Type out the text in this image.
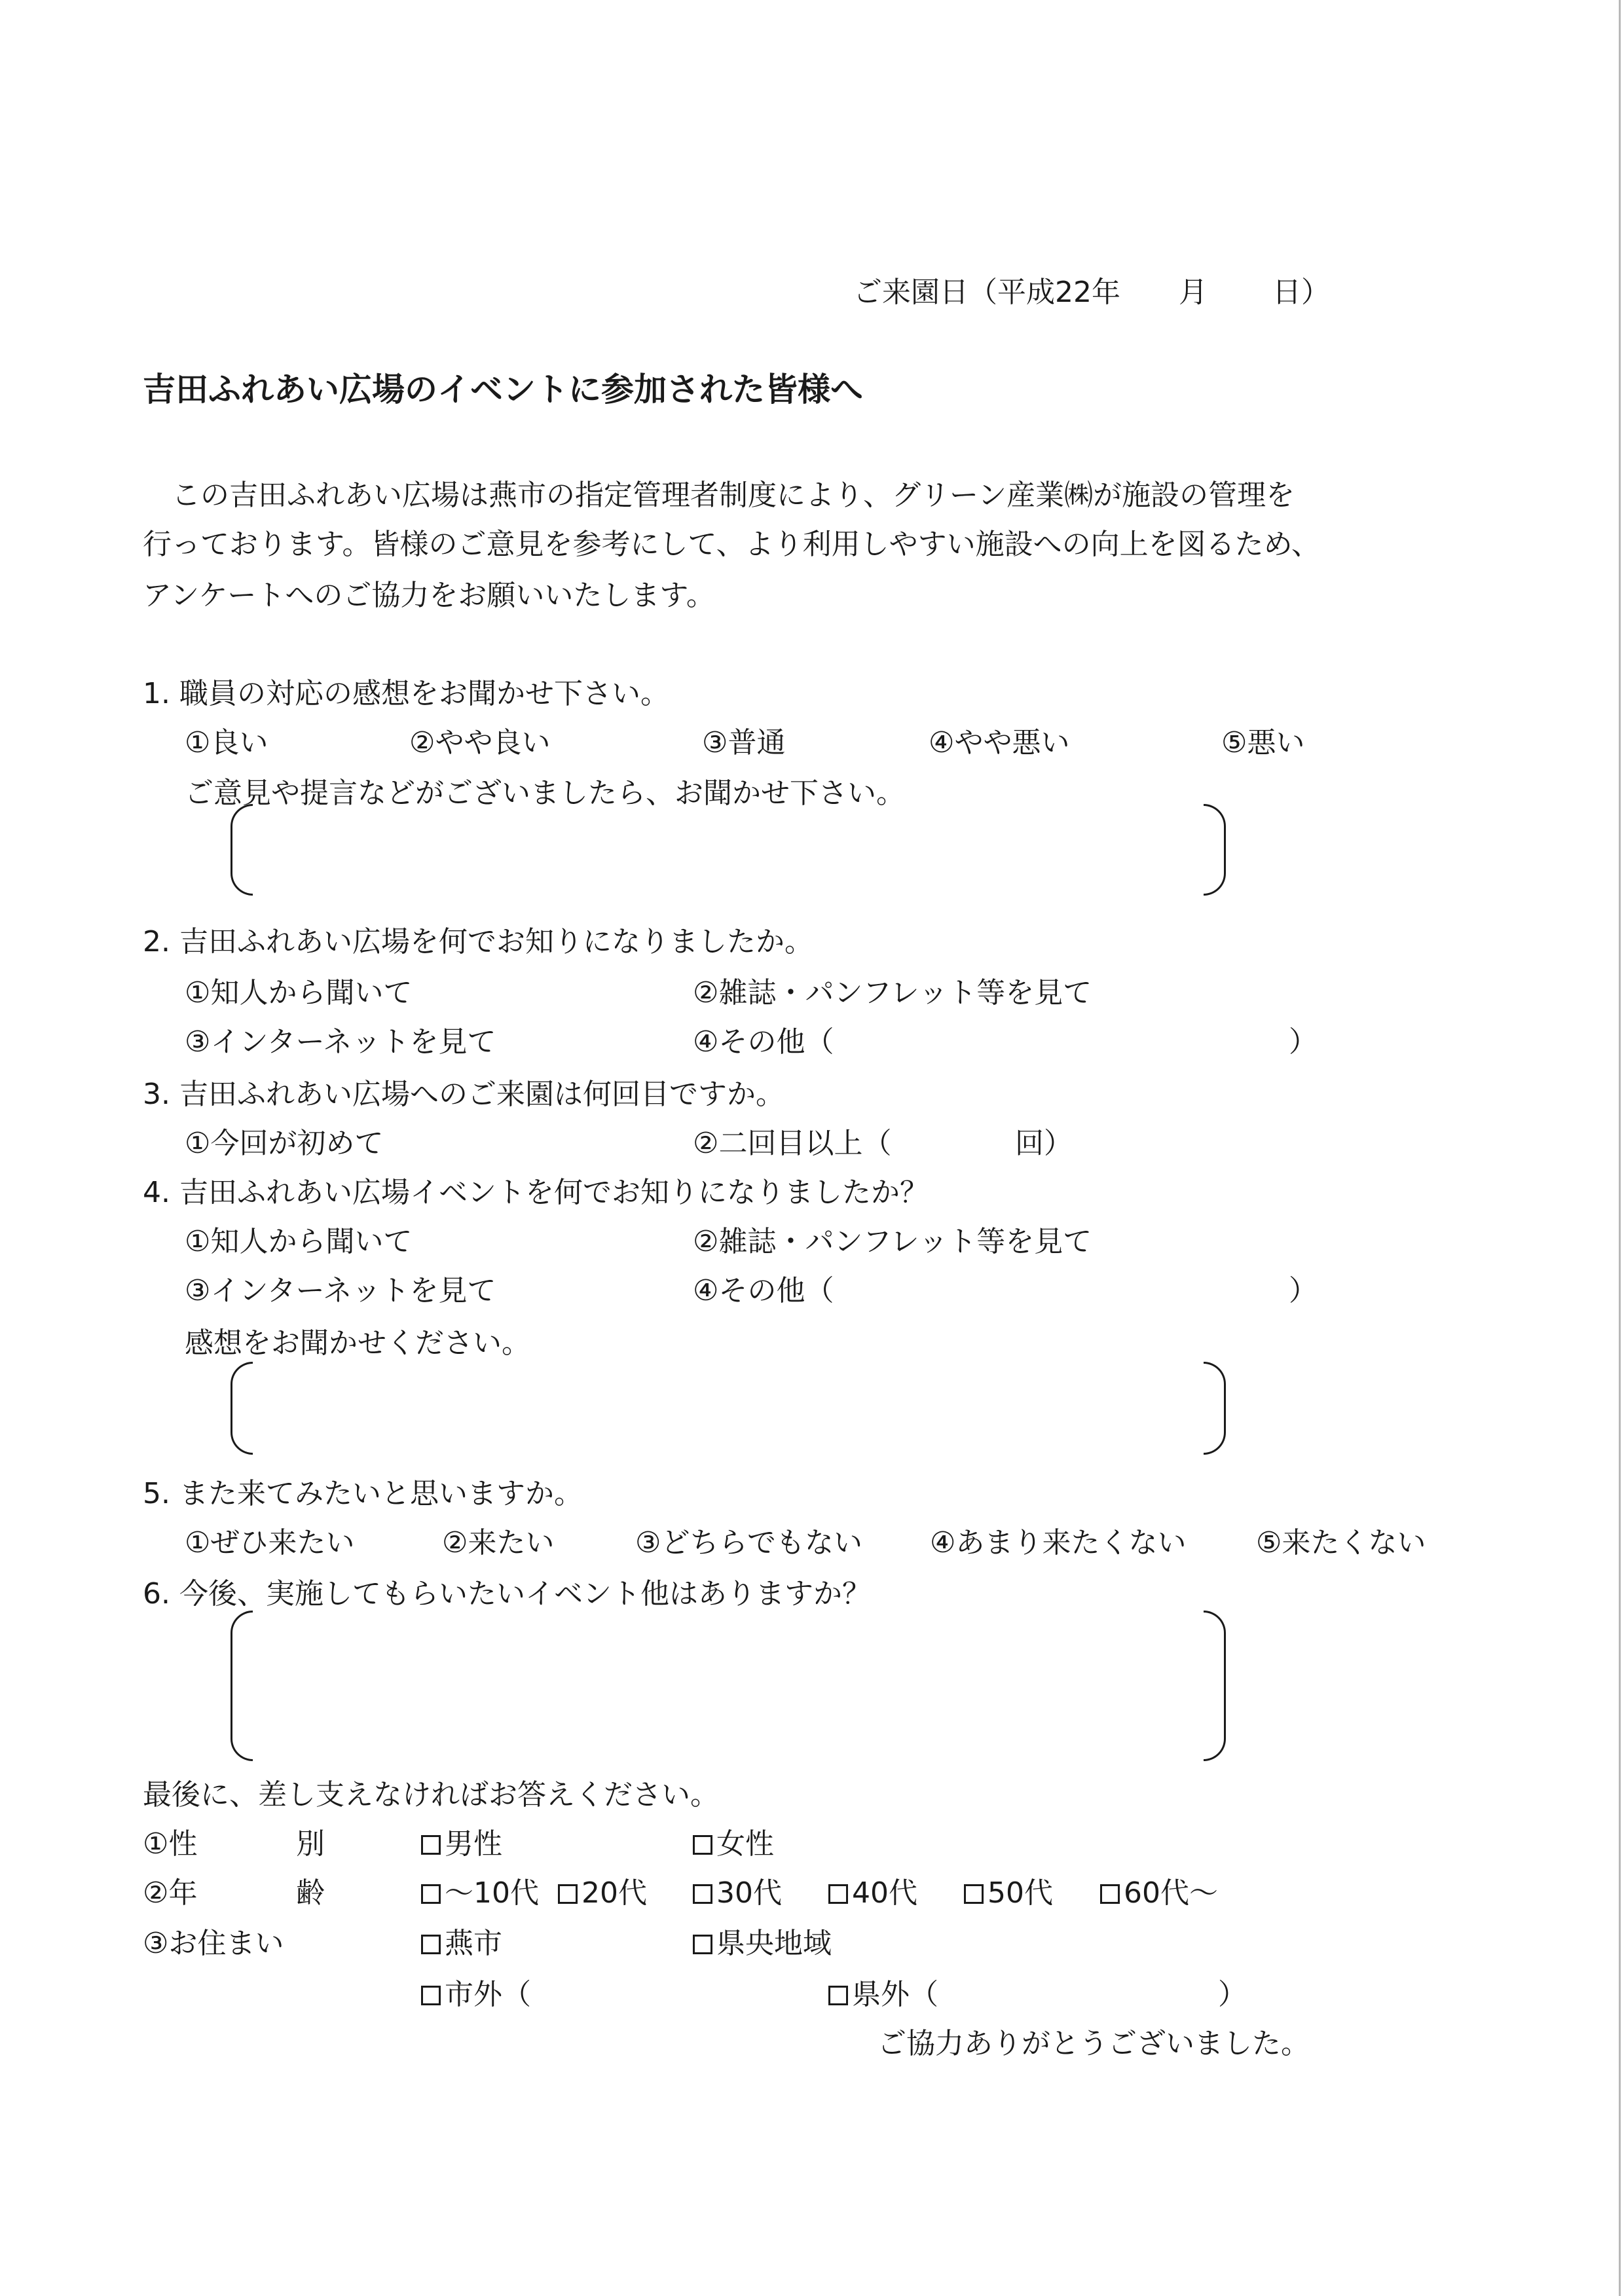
ご来園日（平成22年 月 日）
吉田ふれあい広場のイベントに参加された皆様へ
この吉田ふれあい広場は燕市の指定管理者制度により、グリーン産業㈱が施設の管理を
行っております。皆様のご意見を参考にして、より利用しやすい施設への向上を図るため、
アンケートへのご協力をお願いいたします。
1. 職員の対応の感想をお聞かせ下さい。
①良い	②やや良い	③普通	④やや悪い	⑤悪い
ご意見や提言などがございましたら、お聞かせ下さい。
2. 吉田ふれあい広場を何でお知りになりましたか。
①知人から聞いて	②雑誌・パンフレット等を見て
③インターネットを見て	④その他（	）
3. 吉田ふれあい広場へのご来園は何回目ですか。
①今回が初めて	②二回目以上（	回）
4. 吉田ふれあい広場イベントを何でお知りになりましたか？
①知人から聞いて	②雑誌・パンフレット等を見て
③インターネットを見て	④その他（	）
感想をお聞かせください。
5. また来てみたいと思いますか。
①ぜひ来たい	②来たい	③どちらでもない ④あまり来たくない ⑤来たくない
6. 今後、実施してもらいたいイベント他はありますか？
最後に、差し支えなければお答えください。
①性	別	男性	女性
②年	齢	～10代	20代	30代	40代	50代	60代～
③お住まい	燕市	県央地域
市外（	県外（	）
ご協力ありがとうございました。
